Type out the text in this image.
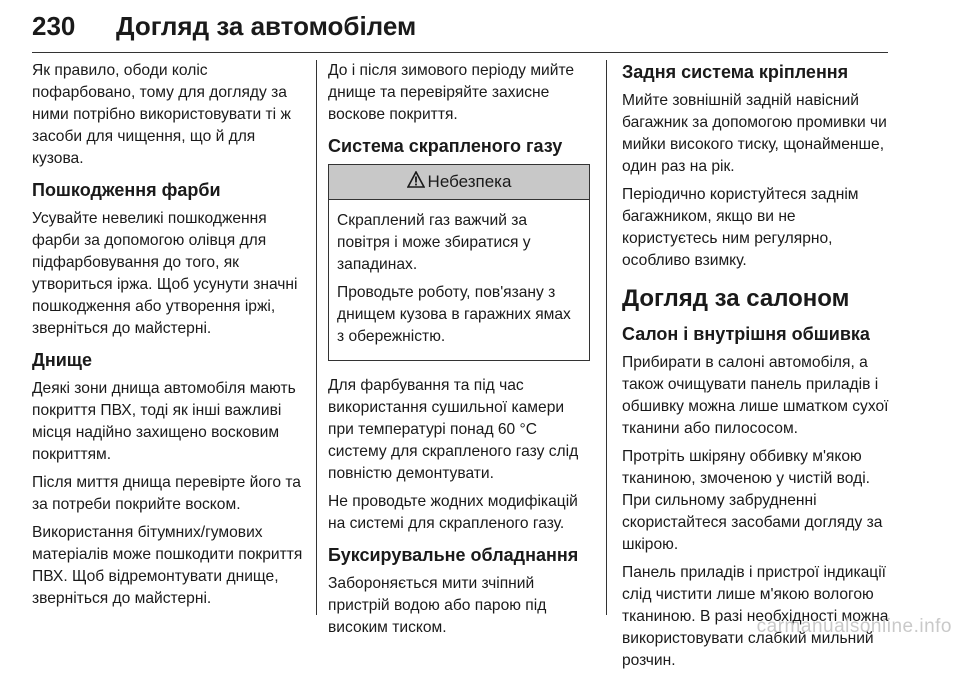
230 Догляд за автомобілем

Як правило, ободи коліс пофарбовано, тому для догляду за ними потрібно використовувати ті ж засоби для чищення, що й для кузова.

Пошкодження фарби

Усувайте невеликі пошкодження фарби за допомогою олівця для підфарбовування до того, як утвориться іржа. Щоб усунути значні пошкодження або утворення іржі, зверніться до майстерні.

Днище

Деякі зони днища автомобіля мають покриття ПВХ, тоді як інші важливі місця надійно захищено восковим покриттям.

Після миття днища перевірте його та за потреби покрийте воском.

Використання бітумних/гумових матеріалів може пошкодити покриття ПВХ. Щоб відремонтувати днище, зверніться до майстерні.

До і після зимового періоду мийте днище та перевіряйте захисне воскове покриття.

Система скрапленого газу
Небезпека

Скраплений газ важчий за повітря і може збиратися у западинах.

Проводьте роботу, пов'язану з днищем кузова в гаражних ямах з обережністю.

Для фарбування та під час використання сушильної камери при температурі понад 60 °C систему для скрапленого газу слід повністю демонтувати.

Не проводьте жодних модифікацій на системі для скрапленого газу.

Буксирувальне обладнання

Забороняється мити зчіпний пристрій водою або парою під високим тиском.

Задня система кріплення

Мийте зовнішній задній навісний багажник за допомогою промивки чи мийки високого тиску, щонайменше, один раз на рік.

Періодично користуйтеся заднім багажником, якщо ви не користуєтесь ним регулярно, особливо взимку.

Догляд за салоном
Салон і внутрішня обшивка

Прибирати в салоні автомобіля, а також очищувати панель приладів і обшивку можна лише шматком сухої тканини або пилососом.

Протріть шкіряну оббивку м'якою тканиною, змоченою у чистій воді. При сильному забрудненні скористайтеся засобами догляду за шкірою.

Панель приладів і пристрої індикації слід чистити лише м'якою вологою тканиною. В разі необхідності можна використовувати слабкий мильний розчин.

carmanualsonline.info
